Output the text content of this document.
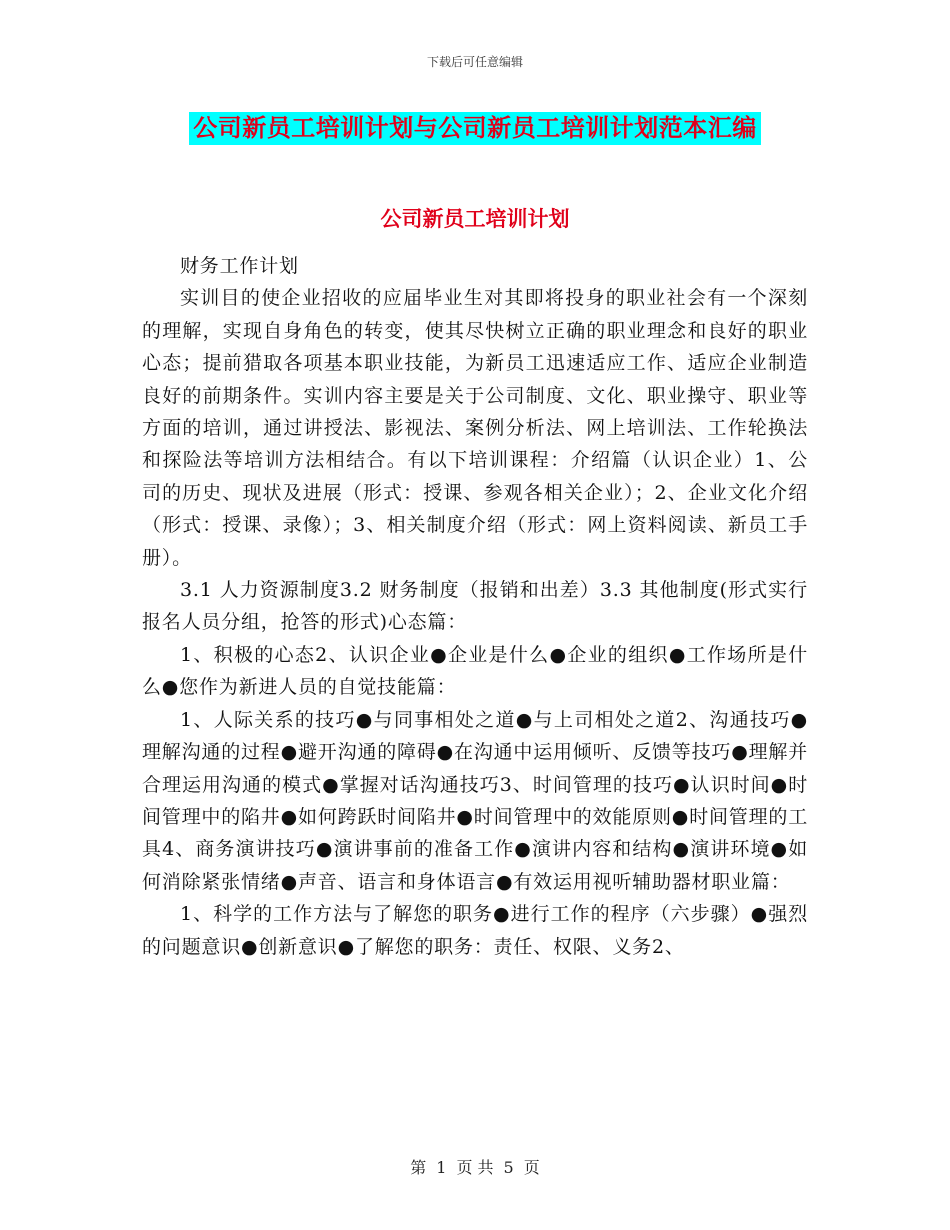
下载后可任意编辑
公司新员工培训计划与公司新员工培训计划范本汇编
公司新员工培训计划

财务工作计划

实训目的使企业招收的应届毕业生对其即将投身的职业社会有一个深刻的理解，实现自身角色的转变，使其尽快树立正确的职业理念和良好的职业心态；提前猎取各项基本职业技能，为新员工迅速适应工作、适应企业制造良好的前期条件。实训内容主要是关于公司制度、文化、职业操守、职业等方面的培训，通过讲授法、影视法、案例分析法、网上培训法、工作轮换法和探险法等培训方法相结合。有以下培训课程：介绍篇（认识企业）1、公司的历史、现状及进展（形式：授课、参观各相关企业）；2、企业文化介绍（形式：授课、录像）；3、相关制度介绍（形式：网上资料阅读、新员工手册）。

3.1 人力资源制度3.2 财务制度（报销和出差）3.3 其他制度(形式实行报名人员分组，抢答的形式)心态篇：

1、积极的心态2、认识企业●企业是什么●企业的组织●工作场所是什么●您作为新进人员的自觉技能篇：

1、人际关系的技巧●与同事相处之道●与上司相处之道2、沟通技巧●理解沟通的过程●避开沟通的障碍●在沟通中运用倾听、反馈等技巧●理解并合理运用沟通的模式●掌握对话沟通技巧3、时间管理的技巧●认识时间●时间管理中的陷井●如何跨跃时间陷井●时间管理中的效能原则●时间管理的工具4、商务演讲技巧●演讲事前的准备工作●演讲内容和结构●演讲环境●如何消除紧张情绪●声音、语言和身体语言●有效运用视听辅助器材职业篇：

1、科学的工作方法与了解您的职务●进行工作的程序（六步骤）●强烈的问题意识●创新意识●了解您的职务：责任、权限、义务2、

第 1 页 共 5 页
